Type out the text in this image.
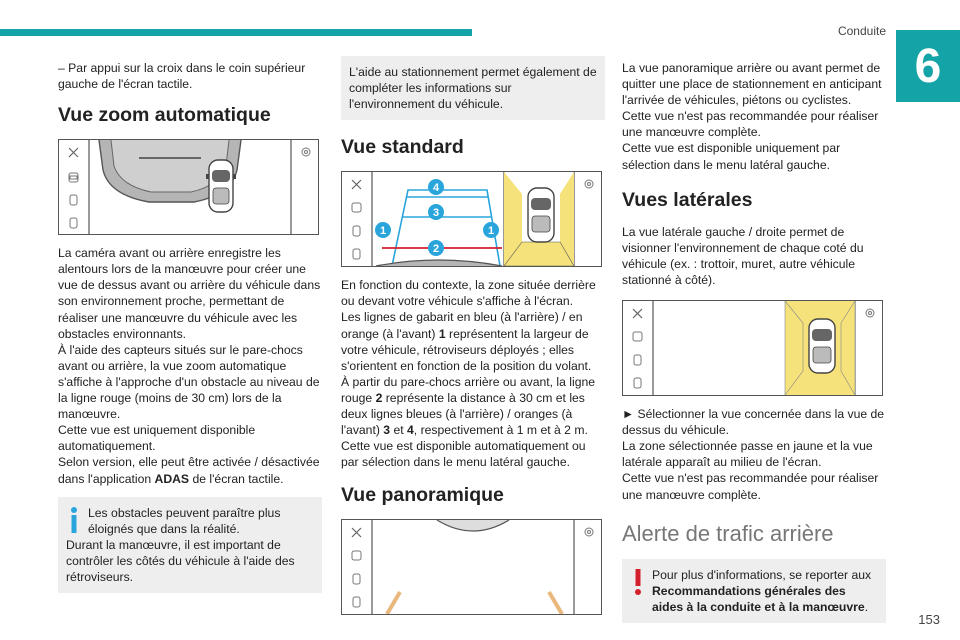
Conduite
6

– Par appui sur la croix dans le coin supérieur gauche de l'écran tactile.

Vue zoom automatique

La caméra avant ou arrière enregistre les alentours lors de la manœuvre pour créer une vue de dessus avant ou arrière du véhicule dans son environnement proche, permettant de réaliser une manœuvre du véhicule avec les obstacles environnants.

À l'aide des capteurs situés sur le pare-chocs avant ou arrière, la vue zoom automatique s'affiche à l'approche d'un obstacle au niveau de la ligne rouge (moins de 30 cm) lors de la manœuvre.

Cette vue est uniquement disponible automatiquement.

Selon version, elle peut être activée / désactivée dans l'application ADAS de l'écran tactile.

Les obstacles peuvent paraître plus éloignés que dans la réalité.

Durant la manœuvre, il est important de contrôler les côtés du véhicule à l'aide des rétroviseurs.

L'aide au stationnement permet également de compléter les informations sur l'environnement du véhicule.

Vue standard
1	1
2
3
4

En fonction du contexte, la zone située derrière ou devant votre véhicule s'affiche à l'écran.

Les lignes de gabarit en bleu (à l'arrière) / en orange (à l'avant) 1 représentent la largeur de votre véhicule, rétroviseurs déployés ; elles s'orientent en fonction de la position du volant.

À partir du pare-chocs arrière ou avant, la ligne rouge 2 représente la distance à 30 cm et les deux lignes bleues (à l'arrière) / oranges (à l'avant) 3 et 4, respectivement à 1 m et à 2 m.

Cette vue est disponible automatiquement ou par sélection dans le menu latéral gauche.

Vue panoramique

La vue panoramique arrière ou avant permet de quitter une place de stationnement en anticipant l'arrivée de véhicules, piétons ou cyclistes.

Cette vue n'est pas recommandée pour réaliser une manœuvre complète.

Cette vue est disponible uniquement par sélection dans le menu latéral gauche.

Vues latérales

La vue latérale gauche / droite permet de visionner l'environnement de chaque coté du véhicule (ex. : trottoir, muret, autre véhicule stationné à côté).

► Sélectionner la vue concernée dans la vue de dessus du véhicule.

La zone sélectionnée passe en jaune et la vue latérale apparaît au milieu de l'écran.

Cette vue n'est pas recommandée pour réaliser une manœuvre complète.

Alerte de trafic arrière

Pour plus d'informations, se reporter aux Recommandations générales des aides à la conduite et à la manœuvre.

153
